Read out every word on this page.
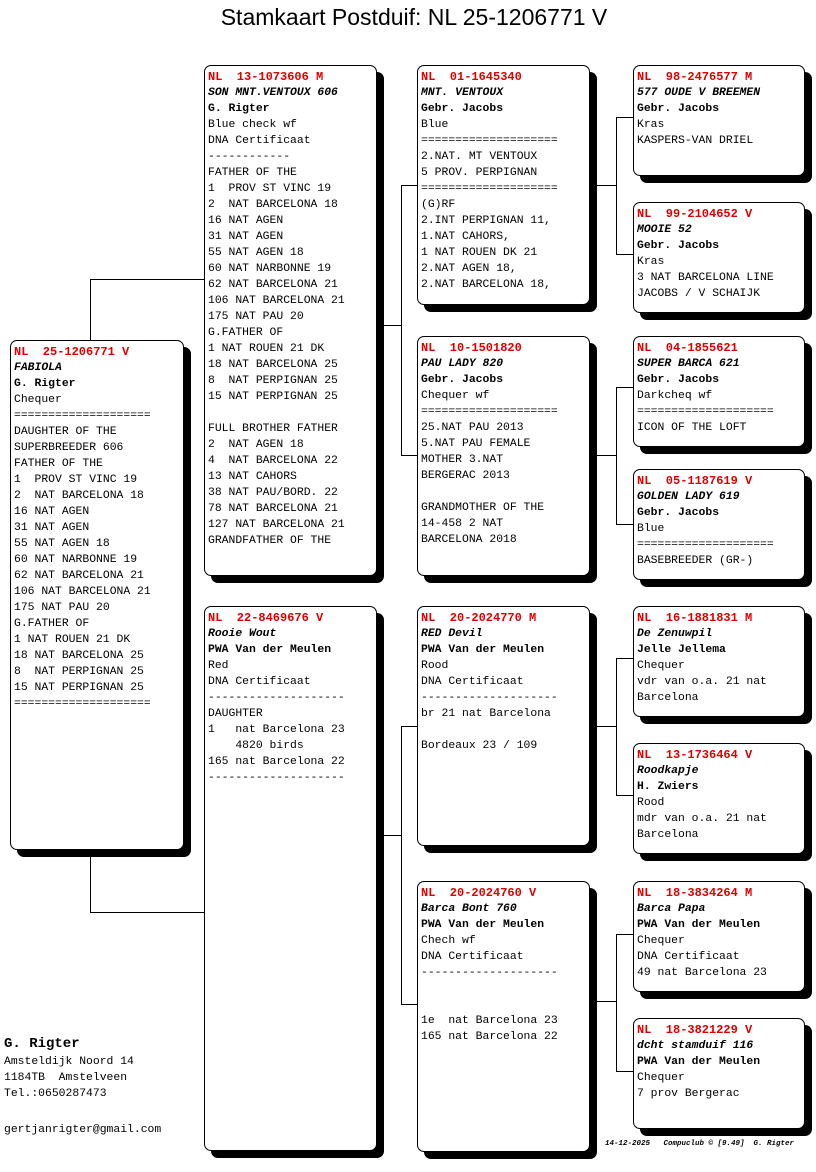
Stamkaart Postduif: NL 25-1206771 V
NL  25-1206771 V
FABIOLA
G. Rigter
Chequer
====================
DAUGHTER OF THE
SUPERBREEDER 606
FATHER OF THE
1  PROV ST VINC 19
2  NAT BARCELONA 18
16 NAT AGEN
31 NAT AGEN
55 NAT AGEN 18
60 NAT NARBONNE 19
62 NAT BARCELONA 21
106 NAT BARCELONA 21
175 NAT PAU 20
G.FATHER OF
1 NAT ROUEN 21 DK
18 NAT BARCELONA 25
8  NAT PERPIGNAN 25
15 NAT PERPIGNAN 25
====================
NL  13-1073606 M
SON MNT.VENTOUX 606
G. Rigter
Blue check wf
DNA Certificaat
------------
FATHER OF THE
1  PROV ST VINC 19
2  NAT BARCELONA 18
16 NAT AGEN
31 NAT AGEN
55 NAT AGEN 18
60 NAT NARBONNE 19
62 NAT BARCELONA 21
106 NAT BARCELONA 21
175 NAT PAU 20
G.FATHER OF
1 NAT ROUEN 21 DK
18 NAT BARCELONA 25
8  NAT PERPIGNAN 25
15 NAT PERPIGNAN 25
FULL BROTHER FATHER
2  NAT AGEN 18
4  NAT BARCELONA 22
13 NAT CAHORS
38 NAT PAU/BORD. 22
78 NAT BARCELONA 21
127 NAT BARCELONA 21
GRANDFATHER OF THE
NL  22-8469676 V
Rooie Wout
PWA Van der Meulen
Red
DNA Certificaat
--------------------
DAUGHTER
1   nat Barcelona 23
4820 birds
165 nat Barcelona 22
--------------------
NL  01-1645340
MNT. VENTOUX
Gebr. Jacobs
Blue
====================
2.NAT. MT VENTOUX
5 PROV. PERPIGNAN
====================
(G)RF
2.INT PERPIGNAN 11,
1.NAT CAHORS,
1 NAT ROUEN DK 21
2.NAT AGEN 18,
2.NAT BARCELONA 18,
NL  10-1501820
PAU LADY 820
Gebr. Jacobs
Chequer wf
====================
25.NAT PAU 2013
5.NAT PAU FEMALE
MOTHER 3.NAT
BERGERAC 2013
GRANDMOTHER OF THE
14-458 2 NAT
BARCELONA 2018
NL  20-2024770 M
RED Devil
PWA Van der Meulen
Rood
DNA Certificaat
--------------------
br 21 nat Barcelona
Bordeaux 23 / 109
NL  20-2024760 V
Barca Bont 760
PWA Van der Meulen
Chech wf
DNA Certificaat
--------------------
1e  nat Barcelona 23
165 nat Barcelona 22
NL  98-2476577 M
577 OUDE V BREEMEN
Gebr. Jacobs
Kras
KASPERS-VAN DRIEL
NL  99-2104652 V
MOOIE 52
Gebr. Jacobs
Kras
3 NAT BARCELONA LINE
JACOBS / V SCHAIJK
NL  04-1855621
SUPER BARCA 621
Gebr. Jacobs
Darkcheq wf
====================
ICON OF THE LOFT
NL  05-1187619 V
GOLDEN LADY 619
Gebr. Jacobs
Blue
====================
BASEBREEDER (GR-)
NL  16-1881831 M
De Zenuwpil
Jelle Jellema
Chequer
vdr van o.a. 21 nat
Barcelona
NL  13-1736464 V
Roodkapje
H. Zwiers
Rood
mdr van o.a. 21 nat
Barcelona
NL  18-3834264 M
Barca Papa
PWA Van der Meulen
Chequer
DNA Certificaat
49 nat Barcelona 23
NL  18-3821229 V
dcht stamduif 116
PWA Van der Meulen
Chequer
7 prov Bergerac
G. Rigter
Amsteldijk Noord 14
1184TB  Amstelveen
Tel.:0650287473
gertjanrigter@gmail.com
14-12-2025   Compuclub © [9.49]  G. Rigter
